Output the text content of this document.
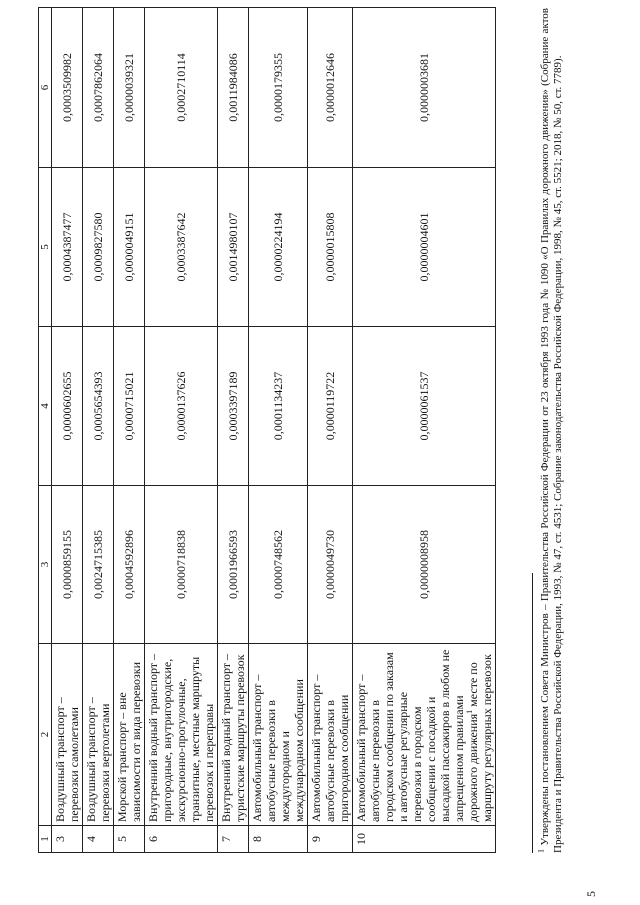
1	2	3	4	5	6
3	Воздушный транспорт – перевозки самолетами	0,0000859155	0,0000602655	0,0004387477	0,0003509982
4	Воздушный транспорт – перевозки вертолетами	0,0024715385	0,0005654393	0,0009827580	0,0007862064
5	Морской транспорт – вне зависимости от вида перевозки	0,0004592896	0,0000715021	0,0000049151	0,0000039321
6	Внутренний водный транспорт – пригородные, внутригородские, экскурсионно-прогулочные, транзитные, местные маршруты перевозок и переправы	0,0000718838	0,0000137626	0,0003387642	0,0002710114
7	Внутренний водный транспорт – туристские маршруты перевозок	0,0001966593	0,0003397189	0,0014980107	0,0011984086
8	Автомобильный транспорт – автобусные перевозки в междугородном и международном сообщении	0,0000748562	0,0001134237	0,0000224194	0,0000179355
9	Автомобильный транспорт – автобусные перевозки в пригородном сообщении	0,0000049730	0,0000119722	0,0000015808	0,0000012646
10	Автомобильный транспорт – автобусные перевозки в городском сообщении по заказам и автобусные регулярные перевозки в городском сообщении с посадкой и высадкой пассажиров в любом не запрещенном правилами дорожного движения$^1$ месте по маршруту регулярных перевозок	0,0000008958	0,0000061537	0,0000004601	0,0000003681

$^1$ Утверждены постановлением Совета Министров – Правительства Российской Федерации от 23 октября 1993 года № 1090 «О Правилах дорожного движения» (Собрание актов Президента и Правительства Российской Федерации, 1993, № 47, ст. 4531; Собрание законодательства Российской Федерации, 1998, № 45, ст. 5521; 2018, № 50, ст. 7789).

5
